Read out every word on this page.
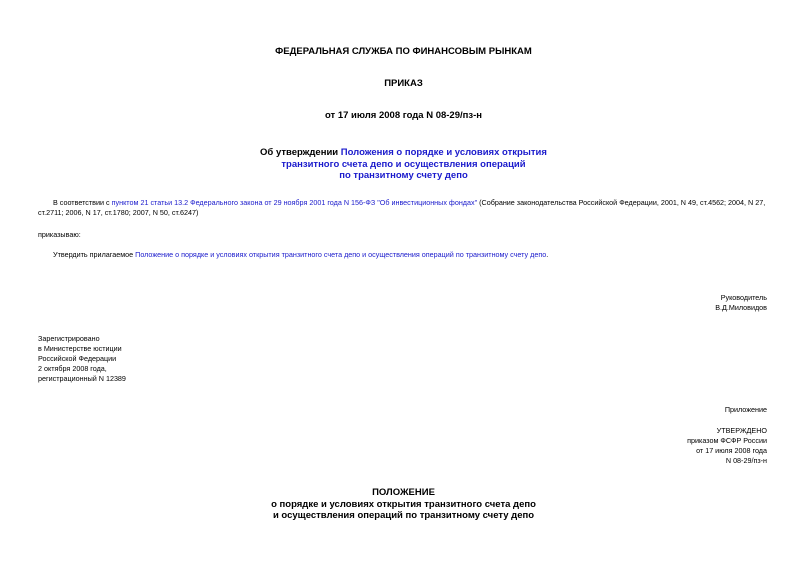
ФЕДЕРАЛЬНАЯ СЛУЖБА ПО ФИНАНСОВЫМ РЫНКАМ
ПРИКАЗ
от 17 июля 2008 года N 08-29/пз-н
Об утверждении Положения о порядке и условиях открытия
транзитного счета депо и осуществления операций
по транзитному счету депо
В соответствии с пунктом 21 статьи 13.2 Федерального закона от 29 ноября 2001 года N 156-ФЗ "Об инвестиционных фондах" (Собрание законодательства Российской Федерации, 2001, N 49, ст.4562; 2004, N 27,
ст.2711; 2006, N 17, ст.1780; 2007, N 50, ст.6247)
приказываю:
Утвердить прилагаемое Положение о порядке и условиях открытия транзитного счета депо и осуществления операций по транзитному счету депо.
Руководитель
В.Д.Миловидов
Зарегистрировано
в Министерстве юстиции
Российской Федерации
2 октября 2008 года,
регистрационный N 12389
Приложение
УТВЕРЖДЕНО
приказом ФСФР России
от 17 июля 2008 года
N 08-29/пз-н
ПОЛОЖЕНИЕ
о порядке и условиях открытия транзитного счета депо
и осуществления операций по транзитному счету депо
